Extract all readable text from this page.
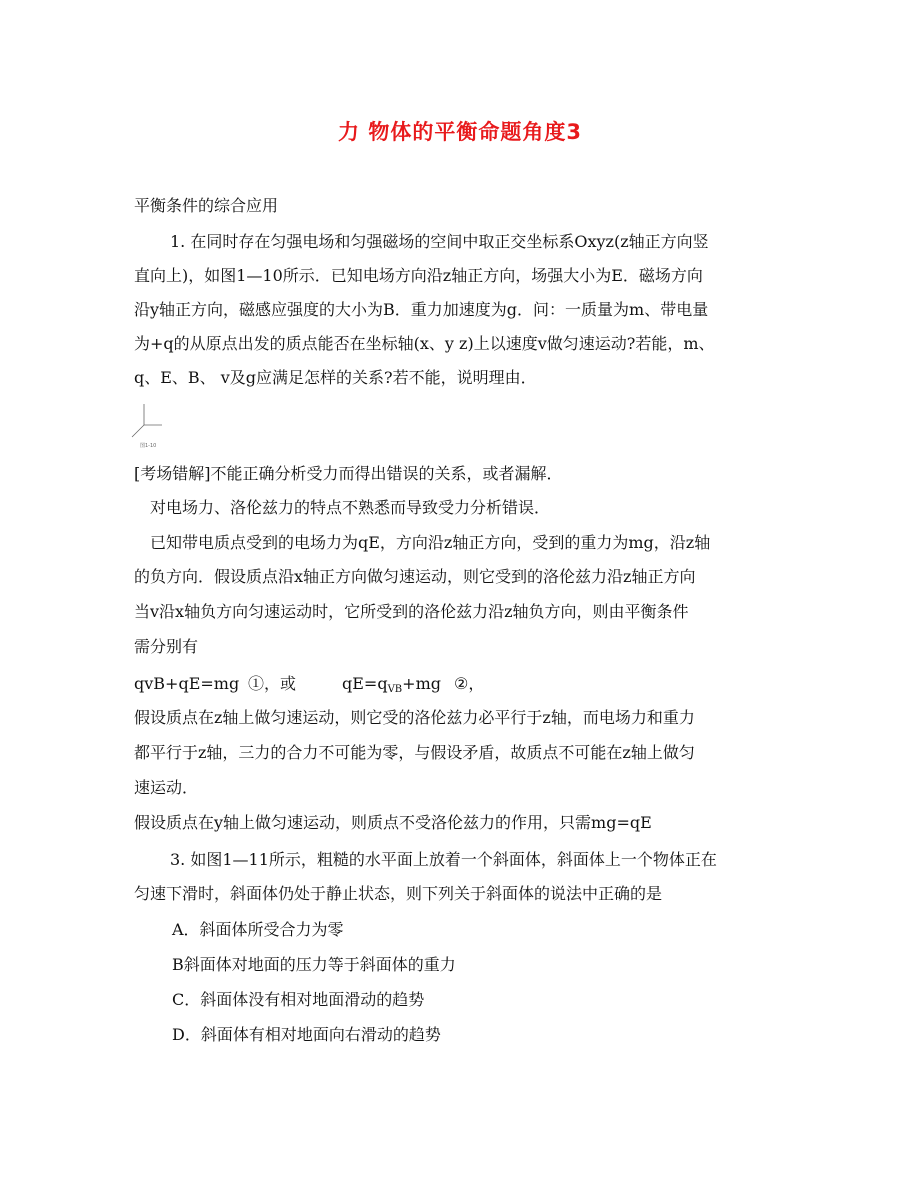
力 物体的平衡命题角度3
平衡条件的综合应用
1. 在同时存在匀强电场和匀强磁场的空间中取正交坐标系Oxyz(z轴正方向竖
直向上)，如图1—10所示．已知电场方向沿z轴正方向，场强大小为E．磁场方向
沿y轴正方向，磁感应强度的大小为B．重力加速度为g．问：一质量为m、带电量
为+q的从原点出发的质点能否在坐标轴(x、y z)上以速度v做匀速运动?若能，m、
q、E、B、 v及g应满足怎样的关系?若不能，说明理由．
图1-10
[考场错解]不能正确分析受力而得出错误的关系，或者漏解．
对电场力、洛伦兹力的特点不熟悉而导致受力分析错误．
已知带电质点受到的电场力为qE，方向沿z轴正方向，受到的重力为mg，沿z轴
的负方向．假设质点沿x轴正方向做匀速运动，则它受到的洛伦兹力沿z轴正方向
当v沿x轴负方向匀速运动时，它所受到的洛伦兹力沿z轴负方向，则由平衡条件
需分别有
qvB+qE=mg ①，或	$qE=q_{VB}+mg$ ②，
假设质点在z轴上做匀速运动，则它受的洛伦兹力必平行于z轴，而电场力和重力
都平行于z轴，三力的合力不可能为零，与假设矛盾，故质点不可能在z轴上做匀
速运动．
假设质点在y轴上做匀速运动，则质点不受洛伦兹力的作用，只需mg=qE
3. 如图1—11所示，粗糙的水平面上放着一个斜面体，斜面体上一个物体正在
匀速下滑时，斜面体仍处于静止状态，则下列关于斜面体的说法中正确的是
A．斜面体所受合力为零
B斜面体对地面的压力等于斜面体的重力
C．斜面体没有相对地面滑动的趋势
D．斜面体有相对地面向右滑动的趋势
